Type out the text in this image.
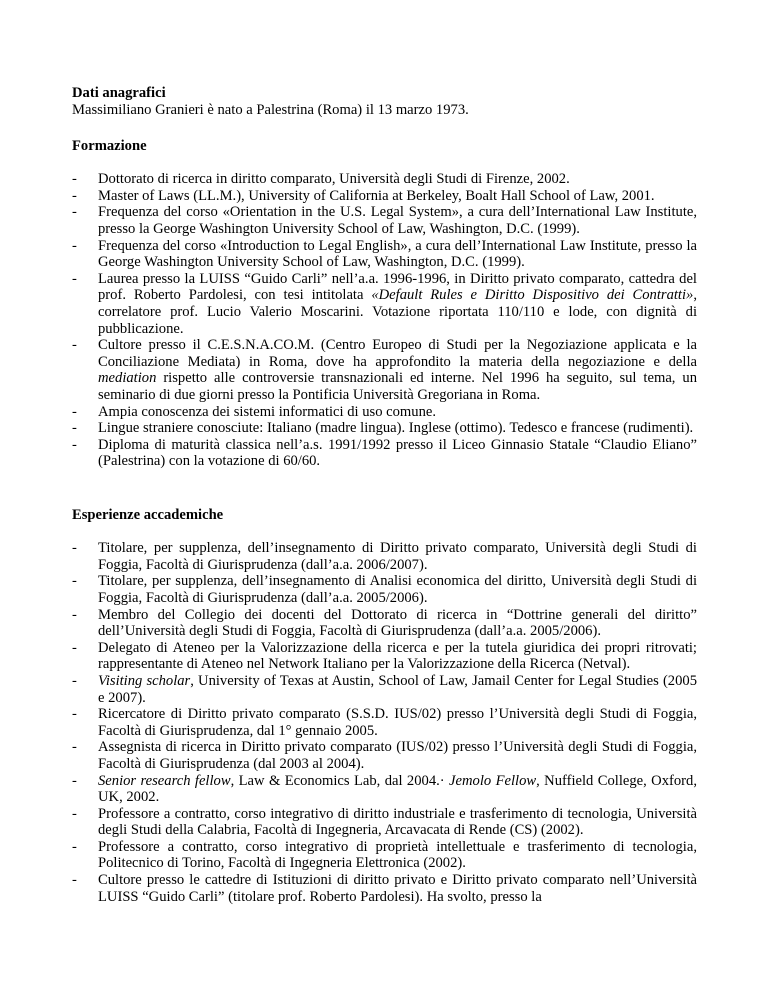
Dati anagrafici

Massimiliano Granieri è nato a Palestrina (Roma) il 13 marzo 1973.

Formazione
- Dottorato di ricerca in diritto comparato, Università degli Studi di Firenze, 2002.
- Master of Laws (LL.M.), University of California at Berkeley, Boalt Hall School of Law, 2001.
- Frequenza del corso «Orientation in the U.S. Legal System», a cura dell’International Law Institute, presso la George Washington University School of Law, Washington, D.C. (1999).
- Frequenza del corso «Introduction to Legal English», a cura dell’International Law Institute, presso la George Washington University School of Law, Washington, D.C. (1999).
- Laurea presso la LUISS “Guido Carli” nell’a.a. 1996-1996, in Diritto privato comparato, cattedra del prof. Roberto Pardolesi, con tesi intitolata «Default Rules e Diritto Dispositivo dei Contratti», correlatore prof. Lucio Valerio Moscarini. Votazione riportata 110/110 e lode, con dignità di pubblicazione.
- Cultore presso il C.E.S.N.A.CO.M. (Centro Europeo di Studi per la Negoziazione applicata e la Conciliazione Mediata) in Roma, dove ha approfondito la materia della negoziazione e della mediation rispetto alle controversie transnazionali ed interne. Nel 1996 ha seguito, sul tema, un seminario di due giorni presso la Pontificia Università Gregoriana in Roma.
- Ampia conoscenza dei sistemi informatici di uso comune.
- Lingue straniere conosciute: Italiano (madre lingua). Inglese (ottimo). Tedesco e francese (rudimenti).
- Diploma di maturità classica nell’a.s. 1991/1992 presso il Liceo Ginnasio Statale “Claudio Eliano” (Palestrina) con la votazione di 60/60.
Esperienze accademiche
- Titolare, per supplenza, dell’insegnamento di Diritto privato comparato, Università degli Studi di Foggia, Facoltà di Giurisprudenza (dall’a.a. 2006/2007).
- Titolare, per supplenza, dell’insegnamento di Analisi economica del diritto, Università degli Studi di Foggia, Facoltà di Giurisprudenza (dall’a.a. 2005/2006).
- Membro del Collegio dei docenti del Dottorato di ricerca in “Dottrine generali del diritto” dell’Università degli Studi di Foggia, Facoltà di Giurisprudenza (dall’a.a. 2005/2006).
- Delegato di Ateneo per la Valorizzazione della ricerca e per la tutela giuridica dei propri ritrovati; rappresentante di Ateneo nel Network Italiano per la Valorizzazione della Ricerca (Netval).
- Visiting scholar, University of Texas at Austin, School of Law, Jamail Center for Legal Studies (2005 e 2007).
- Ricercatore di Diritto privato comparato (S.S.D. IUS/02) presso l’Università degli Studi di Foggia, Facoltà di Giurisprudenza, dal 1° gennaio 2005.
- Assegnista di ricerca in Diritto privato comparato (IUS/02) presso l’Università degli Studi di Foggia, Facoltà di Giurisprudenza (dal 2003 al 2004).
- Senior research fellow, Law & Economics Lab, dal 2004.· Jemolo Fellow, Nuffield College, Oxford, UK, 2002.
- Professore a contratto, corso integrativo di diritto industriale e trasferimento di tecnologia, Università degli Studi della Calabria, Facoltà di Ingegneria, Arcavacata di Rende (CS) (2002).
- Professore a contratto, corso integrativo di proprietà intellettuale e trasferimento di tecnologia, Politecnico di Torino, Facoltà di Ingegneria Elettronica (2002).
- Cultore presso le cattedre di Istituzioni di diritto privato e Diritto privato comparato nell’Università LUISS “Guido Carli” (titolare prof. Roberto Pardolesi). Ha svolto, presso la
